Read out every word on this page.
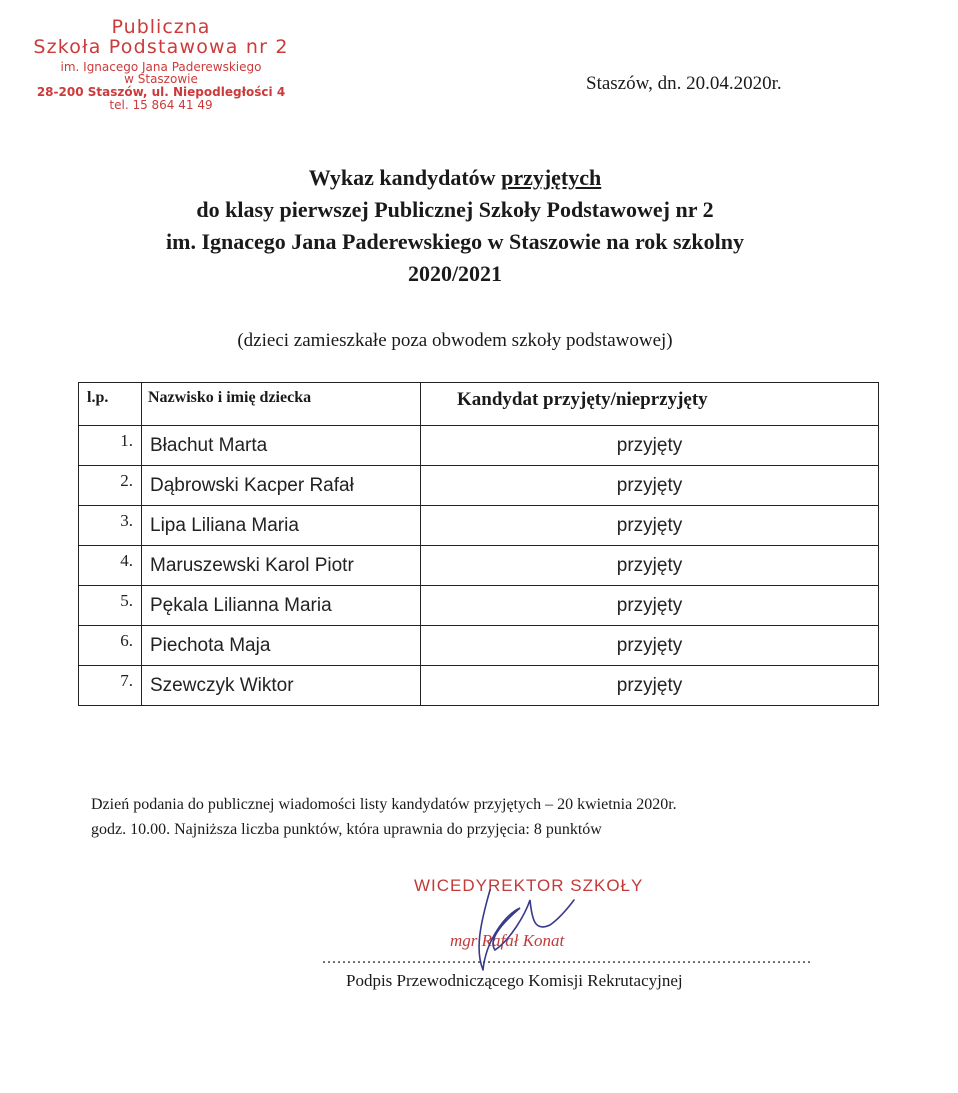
Publiczna
Szkoła Podstawowa nr 2
im. Ignacego Jana Paderewskiego
w Staszowie
28-200 Staszów, ul. Niepodległości 4
tel. 15 864 41 49
Staszów, dn. 20.04.2020r.
Wykaz kandydatów przyjętych
do klasy pierwszej Publicznej Szkoły Podstawowej nr 2
im. Ignacego Jana Paderewskiego w Staszowie na rok szkolny
2020/2021
(dzieci zamieszkałe poza obwodem szkoły podstawowej)
l.p.	Nazwisko i imię dziecka	Kandydat przyjęty/nieprzyjęty
1.	Błachut Marta	przyjęty
2.	Dąbrowski Kacper Rafał	przyjęty
3.	Lipa Liliana Maria	przyjęty
4.	Maruszewski Karol Piotr	przyjęty
5.	Pękala Lilianna Maria	przyjęty
6.	Piechota Maja	przyjęty
7.	Szewczyk Wiktor	przyjęty
Dzień podania do publicznej wiadomości listy kandydatów przyjętych – 20 kwietnia 2020r.
godz. 10.00. Najniższa liczba punktów, która uprawnia do przyjęcia: 8 punktów
WICEDYREKTOR SZKOŁY
mgr Rafał Konat
..................................................................................................
Podpis Przewodniczącego Komisji Rekrutacyjnej
